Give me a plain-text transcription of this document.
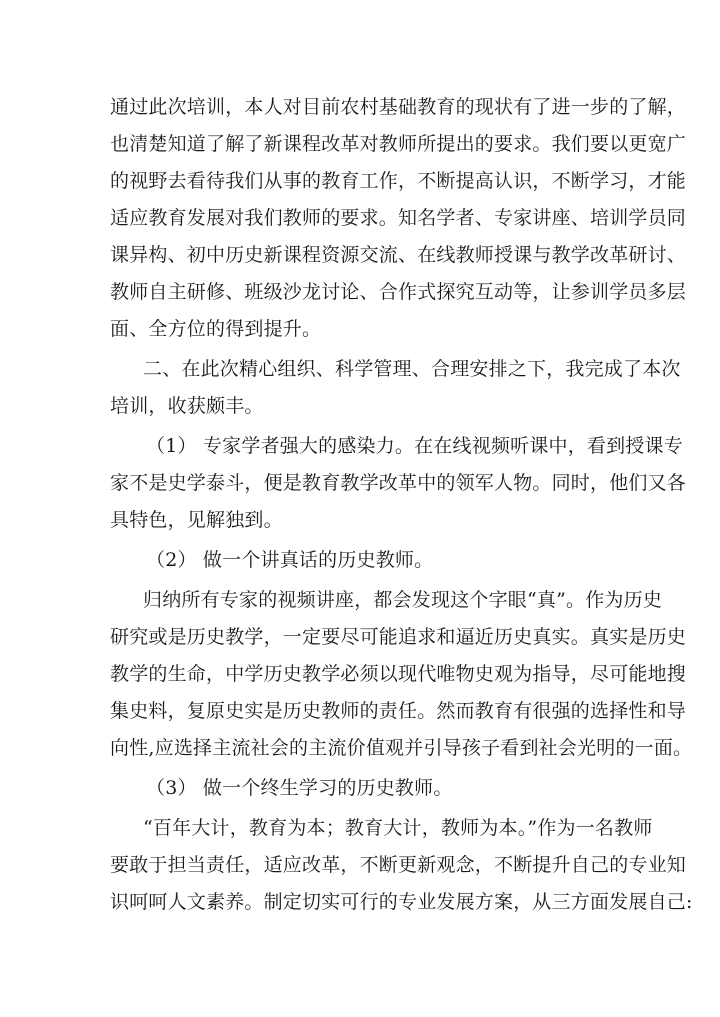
通过此次培训，本人对目前农村基础教育的现状有了进一步的了解，
也清楚知道了解了新课程改革对教师所提出的要求。我们要以更宽广
的视野去看待我们从事的教育工作，不断提高认识，不断学习，才能
适应教育发展对我们教师的要求。知名学者、专家讲座、培训学员同
课异构、初中历史新课程资源交流、在线教师授课与教学改革研讨、
教师自主研修、班级沙龙讨论、合作式探究互动等，让参训学员多层
面、全方位的得到提升。
二、在此次精心组织、科学管理、合理安排之下，我完成了本次
培训，收获颇丰。
（1） 专家学者强大的感染力。在在线视频听课中，看到授课专
家不是史学泰斗，便是教育教学改革中的领军人物。同时，他们又各
具特色，见解独到。
（2） 做一个讲真话的历史教师。
归纳所有专家的视频讲座，都会发现这个字眼“真”。作为历史
研究或是历史教学，一定要尽可能追求和逼近历史真实。真实是历史
教学的生命，中学历史教学必须以现代唯物史观为指导，尽可能地搜
集史料，复原史实是历史教师的责任。然而教育有很强的选择性和导
向性,应选择主流社会的主流价值观并引导孩子看到社会光明的一面。
（3） 做一个终生学习的历史教师。
“百年大计，教育为本；教育大计，教师为本。”作为一名教师
要敢于担当责任，适应改革，不断更新观念，不断提升自己的专业知
识呵呵人文素养。制定切实可行的专业发展方案，从三方面发展自己:
